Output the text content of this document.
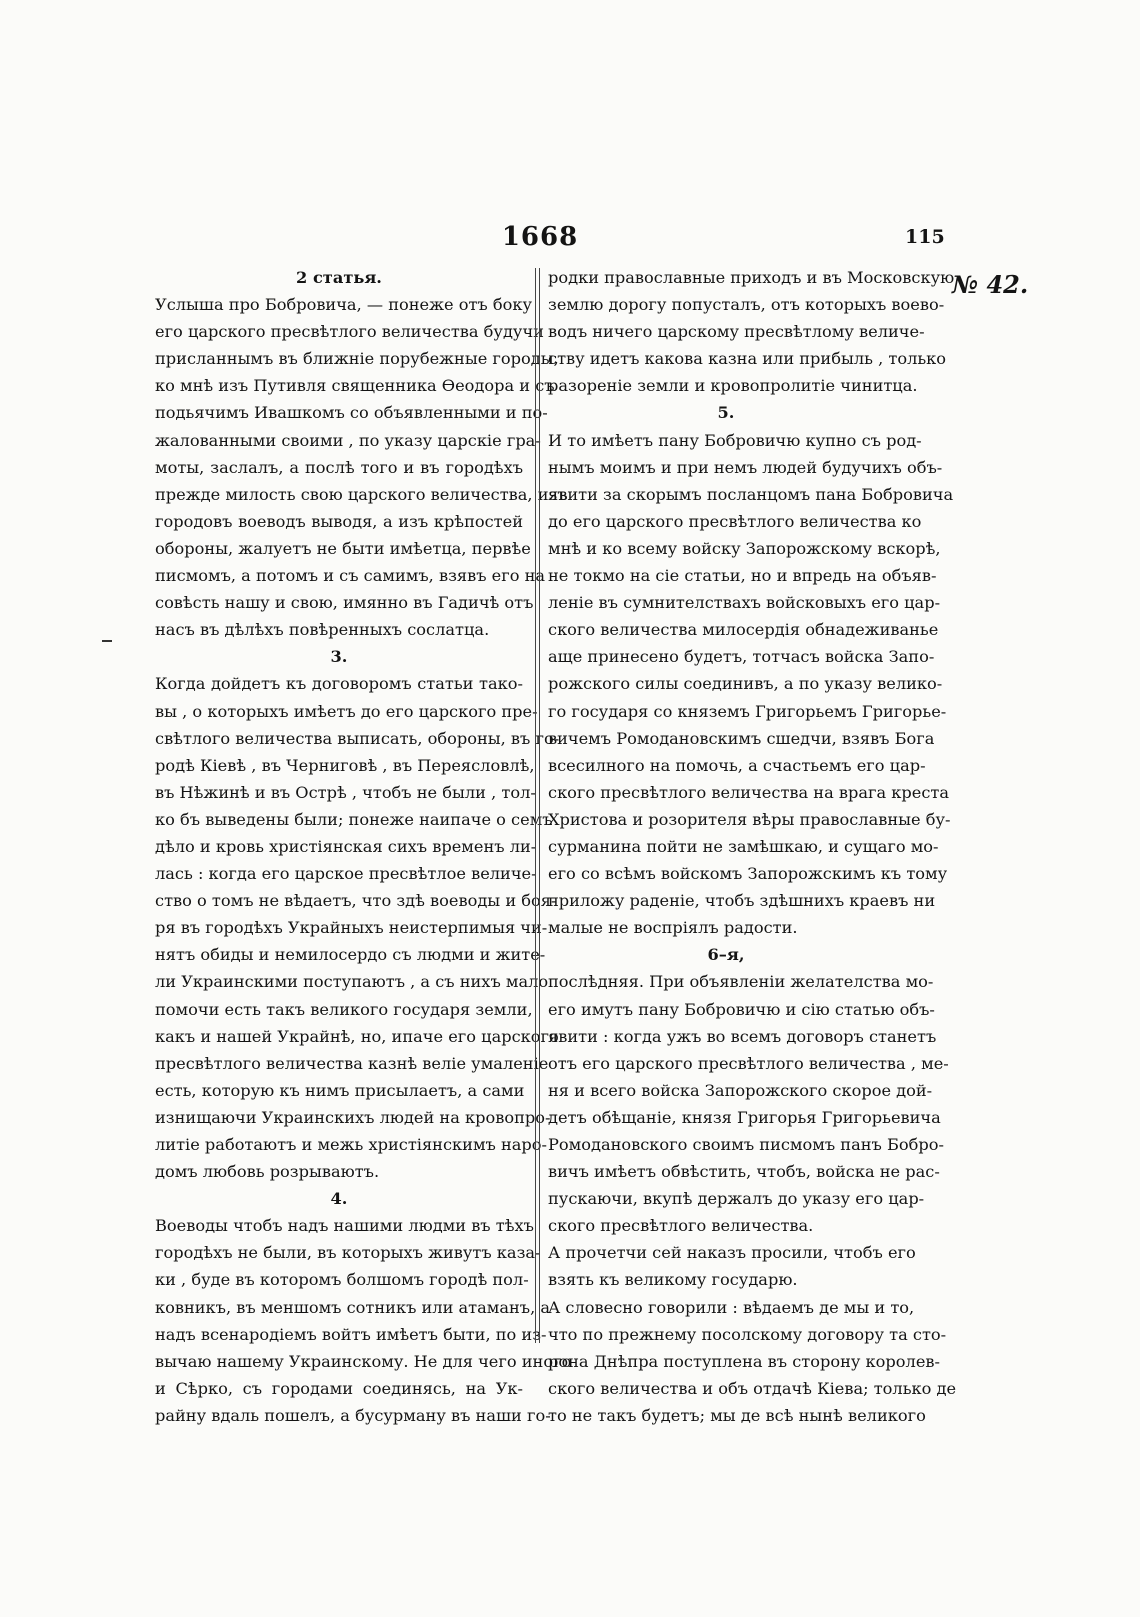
1668	115
№ 42.
2 статья.
Услыша про Бобровича, — понеже отъ боку
его царского пресвѣтлого величества будучи
присланнымъ въ ближніе порубежные городы,
ко мнѣ изъ Путивля священника Ѳеодора и съ
подьячимъ Ивашкомъ со объявленными и по-
жалованными своими , по указу царскіе гра-
моты, заслалъ, а послѣ того и въ городѣхъ
прежде милость свою царского величества, изъ
городовъ воеводъ выводя, а изъ крѣпостей
обороны, жалуетъ не быти имѣетца, первѣе
писмомъ, а потомъ и съ самимъ, взявъ его на
совѣсть нашу и свою, имянно въ Гадичѣ отъ
насъ въ дѣлѣхъ повѣренныхъ сослатца.
3.
Когда дойдетъ къ договоромъ статьи тако-
вы , о которыхъ имѣетъ до его царского пре-
свѣтлого величества выписать, обороны, въ го-
родѣ Кіевѣ , въ Черниговѣ , въ Переясловлѣ,
въ Нѣжинѣ и въ Острѣ , чтобъ не были , тол-
ко бъ выведены были; понеже наипаче о семъ
дѣло и кровь христіянская сихъ временъ ли-
лась : когда его царское пресвѣтлое величе-
ство о томъ не вѣдаетъ, что здѣ воеводы и боя-
ря въ городѣхъ Украйныхъ неистерпимыя чи-
нятъ обиды и немилосердо съ людми и жите-
ли Украинскими поступаютъ , а съ нихъ мало
помочи есть такъ великого государя земли,
какъ и нашей Украйнѣ, но, ипаче его царского
пресвѣтлого величества казнѣ веліе умаленіе
есть, которую къ нимъ присылаетъ, а сами
изнищаючи Украинскихъ людей на кровопро-
литіе работаютъ и межь христіянскимъ наро-
домъ любовь розрываютъ.
4.
Воеводы чтобъ надъ нашими людми въ тѣхъ
городѣхъ не были, въ которыхъ живутъ каза-
ки , буде въ которомъ болшомъ городѣ пол-
ковникъ, въ меншомъ сотникъ или атаманъ, а
надъ всенародіемъ войтъ имѣетъ быти, по из-
вычаю нашему Украинскому. Не для чего иного
и Сѣрко, съ городами соединясь, на Ук-
райну вдаль пошелъ, а бусурману въ наши го-
родки православные приходъ и въ Московскую
землю дорогу попусталъ, отъ которыхъ воево-
водъ ничего царскому пресвѣтлому величе-
ству идетъ какова казна или прибыль , только
разореніе земли и кровопролитіе чинитца.
5.
И то имѣетъ пану Бобровичю купно съ род-
нымъ моимъ и при немъ людей будучихъ объ-
явити за скорымъ посланцомъ пана Бобровича
до его царского пресвѣтлого величества ко
мнѣ и ко всему войску Запорожскому вскорѣ,
не токмо на сіе статьи, но и впредь на объяв-
леніе въ сумнителствахъ войсковыхъ его цар-
ского величества милосердія обнадеживанье
аще принесено будетъ, тотчасъ войска Запо-
рожского силы соединивъ, а по указу велико-
го государя со княземъ Григорьемъ Григорье-
вичемъ Ромодановскимъ сшедчи, взявъ Бога
всесилного на помочь, а счастьемъ его цар-
ского пресвѣтлого величества на врага креста
Христова и розорителя вѣры православные бу-
сурманина пойти не замѣшкаю, и сущаго мо-
его со всѣмъ войскомъ Запорожскимъ къ тому
приложу раденіе, чтобъ здѣшнихъ краевъ ни
малые не воспріялъ радости.
6–я,
послѣдняя. При объявленіи желателства мо-
его имутъ пану Бобровичю и сію статью объ-
явити : когда ужъ во всемъ договоръ станетъ
отъ его царского пресвѣтлого величества , ме-
ня и всего войска Запорожского скорое дой-
детъ обѣщаніе, князя Григорья Григорьевича
Ромодановского своимъ писмомъ панъ Бобро-
вичъ имѣетъ обвѣстить, чтобъ, войска не рас-
пускаючи, вкупѣ держалъ до указу его цар-
ского пресвѣтлого величества.
А прочетчи сей наказъ просили, чтобъ его
взять къ великому государю.
А словесно говорили : вѣдаемъ де мы и то,
что по прежнему посолскому договору та сто-
рона Днѣпра поступлена въ сторону королев-
ского величества и объ отдачѣ Кіева; только де
то не такъ будетъ; мы де всѣ нынѣ великого
